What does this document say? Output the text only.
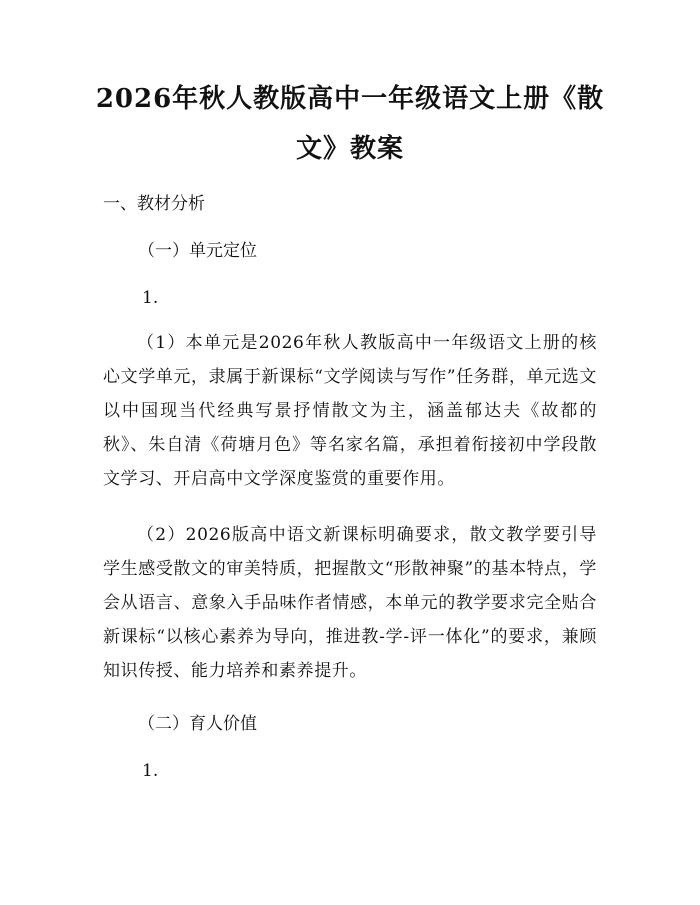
2026年秋人教版高中一年级语文上册《散
文》教案
一、教材分析
（一）单元定位
1.
（1）本单元是2026年秋人教版高中一年级语文上册的核心文学单元，隶属于新课标“文学阅读与写作”任务群，单元选文以中国现当代经典写景抒情散文为主，涵盖郁达夫《故都的秋》、朱自清《荷塘月色》等名家名篇，承担着衔接初中学段散文学习、开启高中文学深度鉴赏的重要作用。
（2）2026版高中语文新课标明确要求，散文教学要引导学生感受散文的审美特质，把握散文“形散神聚”的基本特点，学会从语言、意象入手品味作者情感，本单元的教学要求完全贴合新课标“以核心素养为导向，推进教-学-评一体化”的要求，兼顾知识传授、能力培养和素养提升。
（二）育人价值
1.
